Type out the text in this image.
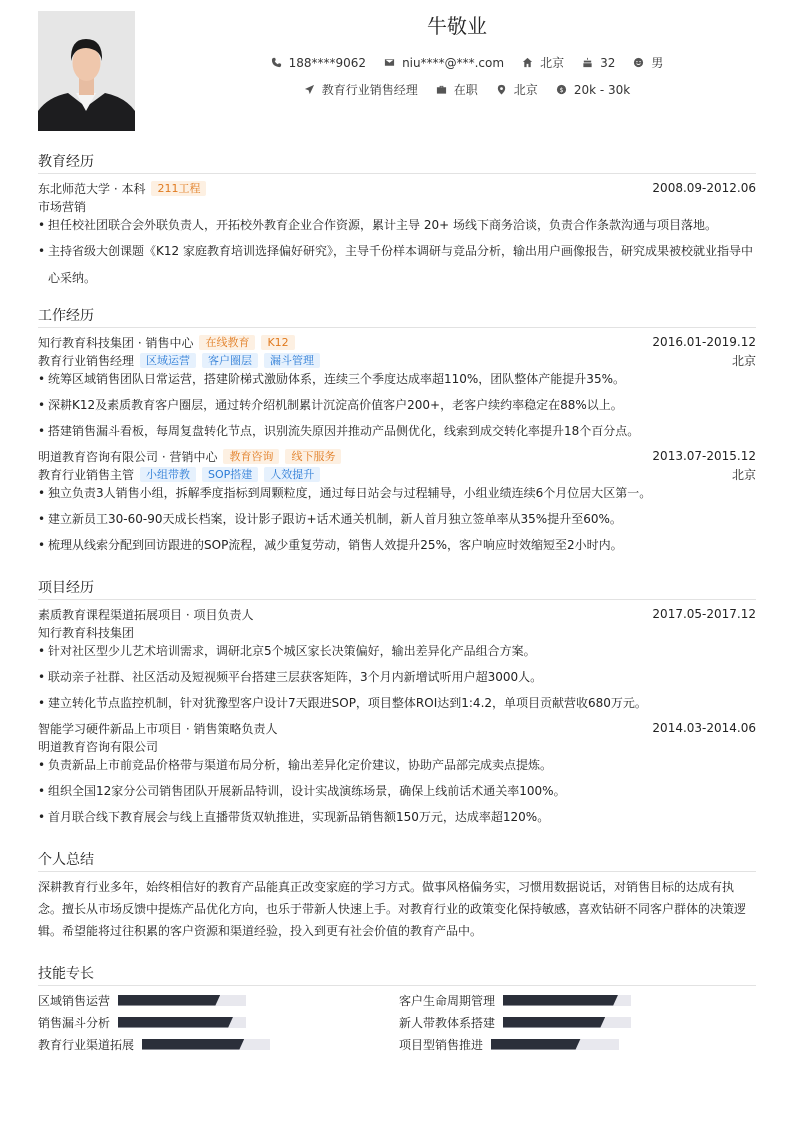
牛敬业
188****9062	niu****@***.com	北京	32	男
教育行业销售经理	在职	北京	$ 20k - 30k
教育经历
东北师范大学 · 本科	211工程	2008.09-2012.06
市场营销
• 担任校社团联合会外联负责人，开拓校外教育企业合作资源，累计主导 20+ 场线下商务洽谈，负责合作条款沟通与项目落地。
• 主持省级大创课题《K12 家庭教育培训选择偏好研究》，主导千份样本调研与竞品分析，输出用户画像报告，研究成果被校就业指导中心采纳。
工作经历
知行教育科技集团 · 销售中心	在线教育	K12	2016.01-2019.12
教育行业销售经理	区域运营	客户圈层	漏斗管理	北京
• 统筹区域销售团队日常运营，搭建阶梯式激励体系，连续三个季度达成率超110%，团队整体产能提升35%。
• 深耕K12及素质教育客户圈层，通过转介绍机制累计沉淀高价值客户200+，老客户续约率稳定在88%以上。
• 搭建销售漏斗看板，每周复盘转化节点，识别流失原因并推动产品侧优化，线索到成交转化率提升18个百分点。
明道教育咨询有限公司 · 营销中心	教育咨询	线下服务	2013.07-2015.12
教育行业销售主管	小组带教	SOP搭建	人效提升	北京
• 独立负责3人销售小组，拆解季度指标到周颗粒度，通过每日站会与过程辅导，小组业绩连续6个月位居大区第一。
• 建立新员工30-60-90天成长档案，设计影子跟访+话术通关机制，新人首月独立签单率从35%提升至60%。
• 梳理从线索分配到回访跟进的SOP流程，减少重复劳动，销售人效提升25%，客户响应时效缩短至2小时内。
项目经历
素质教育课程渠道拓展项目 · 项目负责人	2017.05-2017.12
知行教育科技集团
• 针对社区型少儿艺术培训需求，调研北京5个城区家长决策偏好，输出差异化产品组合方案。
• 联动亲子社群、社区活动及短视频平台搭建三层获客矩阵，3个月内新增试听用户超3000人。
• 建立转化节点监控机制，针对犹豫型客户设计7天跟进SOP，项目整体ROI达到1:4.2，单项目贡献营收680万元。
智能学习硬件新品上市项目 · 销售策略负责人	2014.03-2014.06
明道教育咨询有限公司
• 负责新品上市前竞品价格带与渠道布局分析，输出差异化定价建议，协助产品部完成卖点提炼。
• 组织全国12家分公司销售团队开展新品特训，设计实战演练场景，确保上线前话术通关率100%。
• 首月联合线下教育展会与线上直播带货双轨推进，实现新品销售额150万元，达成率超120%。
个人总结
深耕教育行业多年，始终相信好的教育产品能真正改变家庭的学习方式。做事风格偏务实，习惯用数据说话，对销售目标的达成有执念。擅长从市场反馈中提炼产品优化方向，也乐于带新人快速上手。对教育行业的政策变化保持敏感，喜欢钻研不同客户群体的决策逻辑。希望能将过往积累的客户资源和渠道经验，投入到更有社会价值的教育产品中。
技能专长
区域销售运营	客户生命周期管理
销售漏斗分析	新人带教体系搭建
教育行业渠道拓展	项目型销售推进
